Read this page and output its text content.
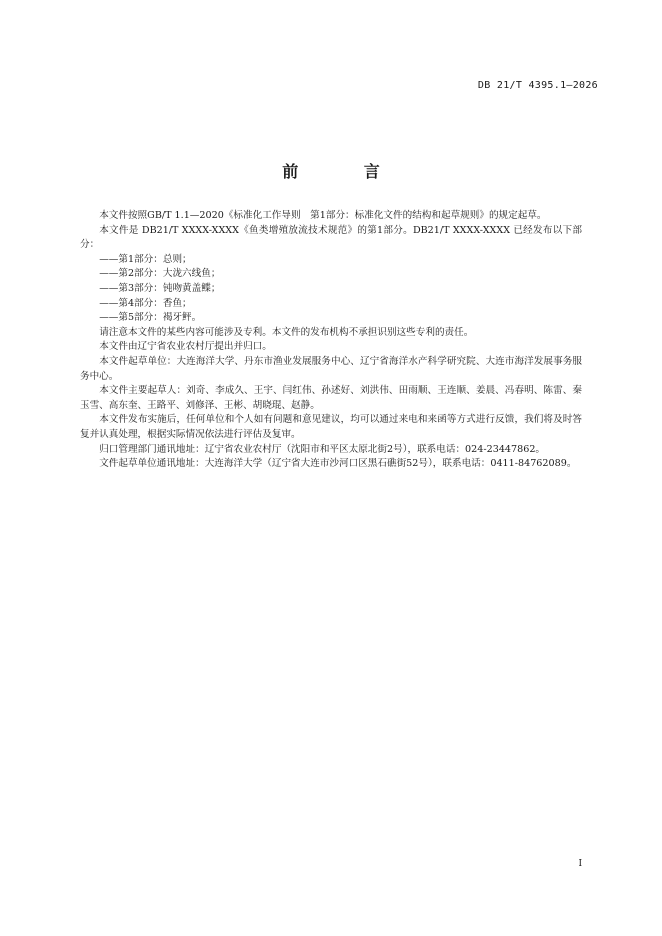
DB 21/T 4395.1—2026
前 言

本文件按照GB/T 1.1—2020《标准化工作导则　第1部分：标准化文件的结构和起草规则》的规定起草。

本文件是 DB21/T XXXX-XXXX《鱼类增殖放流技术规范》的第1部分。DB21/T XXXX-XXXX 已经发布以下部分：

——第1部分：总则；

——第2部分：大泷六线鱼；

——第3部分：钝吻黄盖鲽；

——第4部分：香鱼；

——第5部分：褐牙鲆。

请注意本文件的某些内容可能涉及专利。本文件的发布机构不承担识别这些专利的责任。

本文件由辽宁省农业农村厅提出并归口。

本文件起草单位：大连海洋大学、丹东市渔业发展服务中心、辽宁省海洋水产科学研究院、大连市海洋发展事务服务中心。

本文件主要起草人：刘奇、李成久、王宇、闫红伟、孙述好、刘洪伟、田雨顺、王连顺、姜晨、冯春明、陈雷、秦玉雪、高东奎、王路平、刘修泽、王彬、胡晓琨、赵静。

本文件发布实施后，任何单位和个人如有问题和意见建议，均可以通过来电和来函等方式进行反馈，我们将及时答复并认真处理，根据实际情况依法进行评估及复审。

归口管理部门通讯地址：辽宁省农业农村厅（沈阳市和平区太原北街2号），联系电话：024-23447862。

文件起草单位通讯地址：大连海洋大学（辽宁省大连市沙河口区黑石礁街52号），联系电话：0411-84762089。

I
